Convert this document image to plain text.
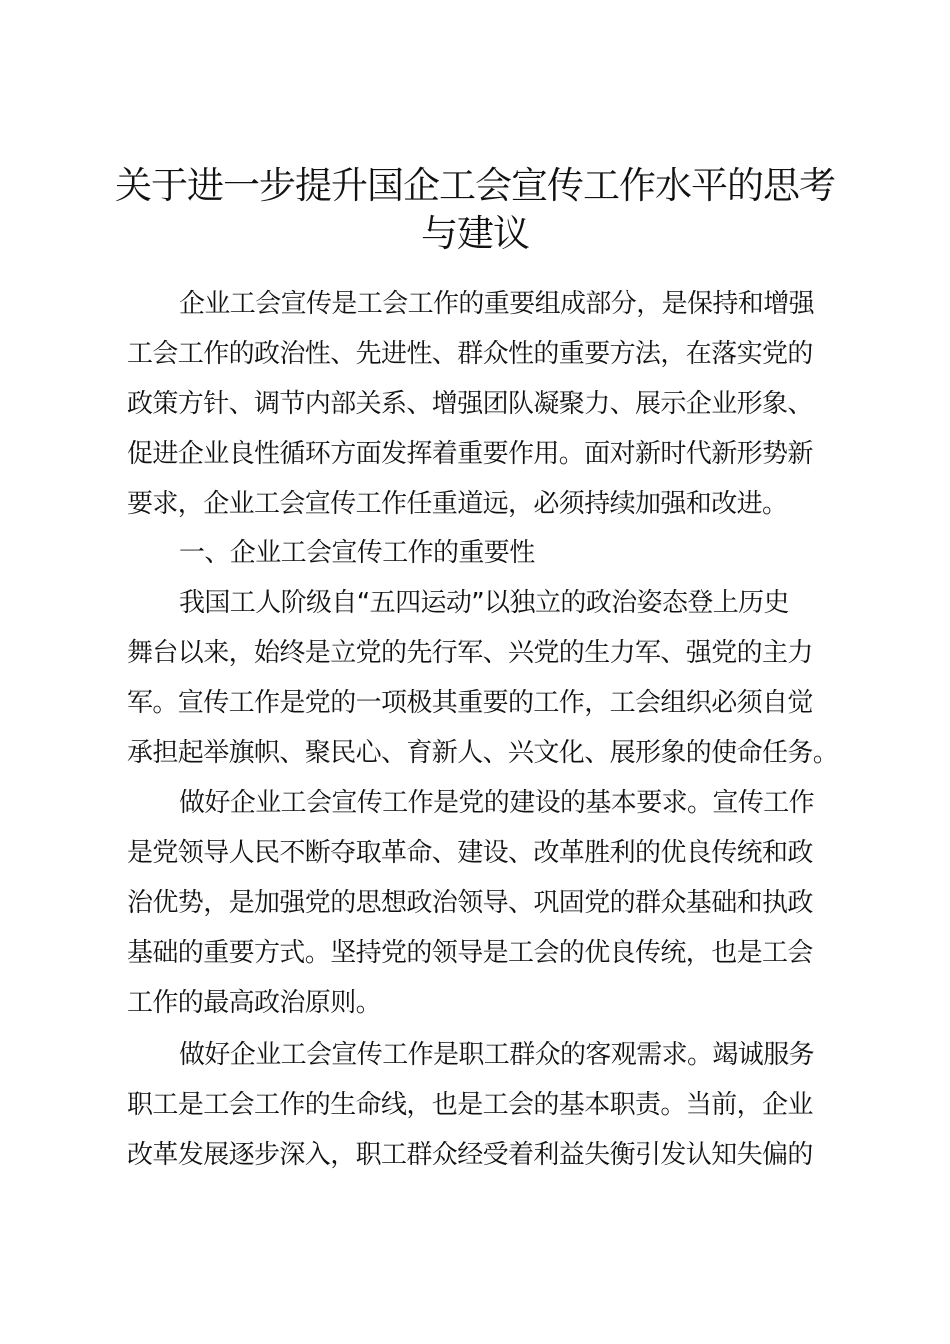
关于进一步提升国企工会宣传工作水平的思考
与建议
企业工会宣传是工会工作的重要组成部分，是保持和增强
工会工作的政治性、先进性、群众性的重要方法，在落实党的
政策方针、调节内部关系、增强团队凝聚力、展示企业形象、
促进企业良性循环方面发挥着重要作用。面对新时代新形势新
要求，企业工会宣传工作任重道远，必须持续加强和改进。
一、企业工会宣传工作的重要性
我国工人阶级自“五四运动”以独立的政治姿态登上历史
舞台以来，始终是立党的先行军、兴党的生力军、强党的主力
军。宣传工作是党的一项极其重要的工作，工会组织必须自觉
承担起举旗帜、聚民心、育新人、兴文化、展形象的使命任务。
做好企业工会宣传工作是党的建设的基本要求。宣传工作
是党领导人民不断夺取革命、建设、改革胜利的优良传统和政
治优势，是加强党的思想政治领导、巩固党的群众基础和执政
基础的重要方式。坚持党的领导是工会的优良传统，也是工会
工作的最高政治原则。
做好企业工会宣传工作是职工群众的客观需求。竭诚服务
职工是工会工作的生命线，也是工会的基本职责。当前，企业
改革发展逐步深入，职工群众经受着利益失衡引发认知失偏的
